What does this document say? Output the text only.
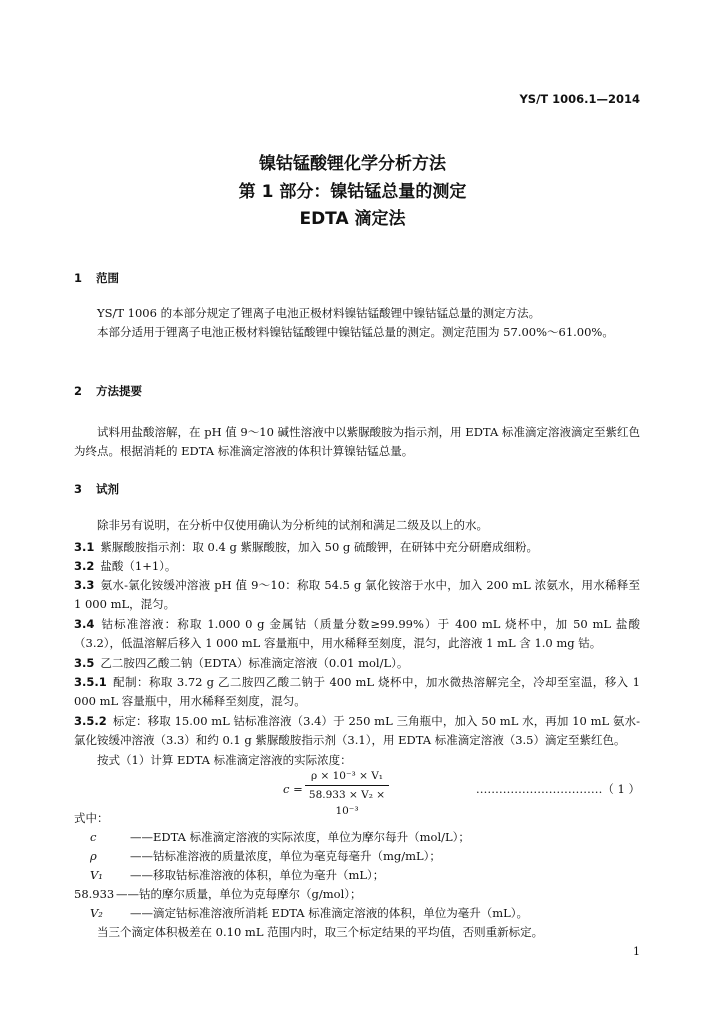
YS/T 1006.1—2014
镍钴锰酸锂化学分析方法
第 1 部分：镍钴锰总量的测定
EDTA 滴定法
1 范围
YS/T 1006 的本部分规定了锂离子电池正极材料镍钴锰酸锂中镍钴锰总量的测定方法。
本部分适用于锂离子电池正极材料镍钴锰酸锂中镍钴锰总量的测定。测定范围为 57.00%～61.00%。
2 方法提要
试料用盐酸溶解，在 pH 值 9～10 碱性溶液中以紫脲酸胺为指示剂，用 EDTA 标准滴定溶液滴定至紫红色为终点。根据消耗的 EDTA 标准滴定溶液的体积计算镍钴锰总量。
3 试剂
除非另有说明，在分析中仅使用确认为分析纯的试剂和满足二级及以上的水。
3.1 紫脲酸胺指示剂：取 0.4 g 紫脲酸胺，加入 50 g 硫酸钾，在研钵中充分研磨成细粉。
3.2 盐酸（1+1）。
3.3 氨水-氯化铵缓冲溶液 pH 值 9～10：称取 54.5 g 氯化铵溶于水中，加入 200 mL 浓氨水，用水稀释至 1 000 mL，混匀。
3.4 钴标准溶液：称取 1.000 0 g 金属钴（质量分数≥99.99%）于 400 mL 烧杯中，加 50 mL 盐酸（3.2），低温溶解后移入 1 000 mL 容量瓶中，用水稀释至刻度，混匀，此溶液 1 mL 含 1.0 mg 钴。
3.5 乙二胺四乙酸二钠（EDTA）标准滴定溶液（0.01 mol/L）。
3.5.1 配制：称取 3.72 g 乙二胺四乙酸二钠于 400 mL 烧杯中，加水微热溶解完全，冷却至室温，移入 1 000 mL 容量瓶中，用水稀释至刻度，混匀。
3.5.2 标定：移取 15.00 mL 钴标准溶液（3.4）于 250 mL 三角瓶中，加入 50 mL 水，再加 10 mL 氨水-氯化铵缓冲溶液（3.3）和约 0.1 g 紫脲酸胺指示剂（3.1），用 EDTA 标准滴定溶液（3.5）滴定至紫红色。
按式（1）计算 EDTA 标准滴定溶液的实际浓度：
$c = \frac{\text{ρ × 10⁻³ × V₁}}{\text{58.933 × V₂ × 10⁻³}}$	……………………………（ 1 ）
式中：
c	——EDTA 标准滴定溶液的实际浓度，单位为摩尔每升（mol/L）；
ρ	——钴标准溶液的质量浓度，单位为毫克每毫升（mg/mL）；
V₁ ——移取钴标准溶液的体积，单位为毫升（mL）；
58.933 ——钴的摩尔质量，单位为克每摩尔（g/mol）；
V₂ ——滴定钴标准溶液所消耗 EDTA 标准滴定溶液的体积，单位为毫升（mL）。
当三个滴定体积极差在 0.10 mL 范围内时，取三个标定结果的平均值，否则重新标定。
1
